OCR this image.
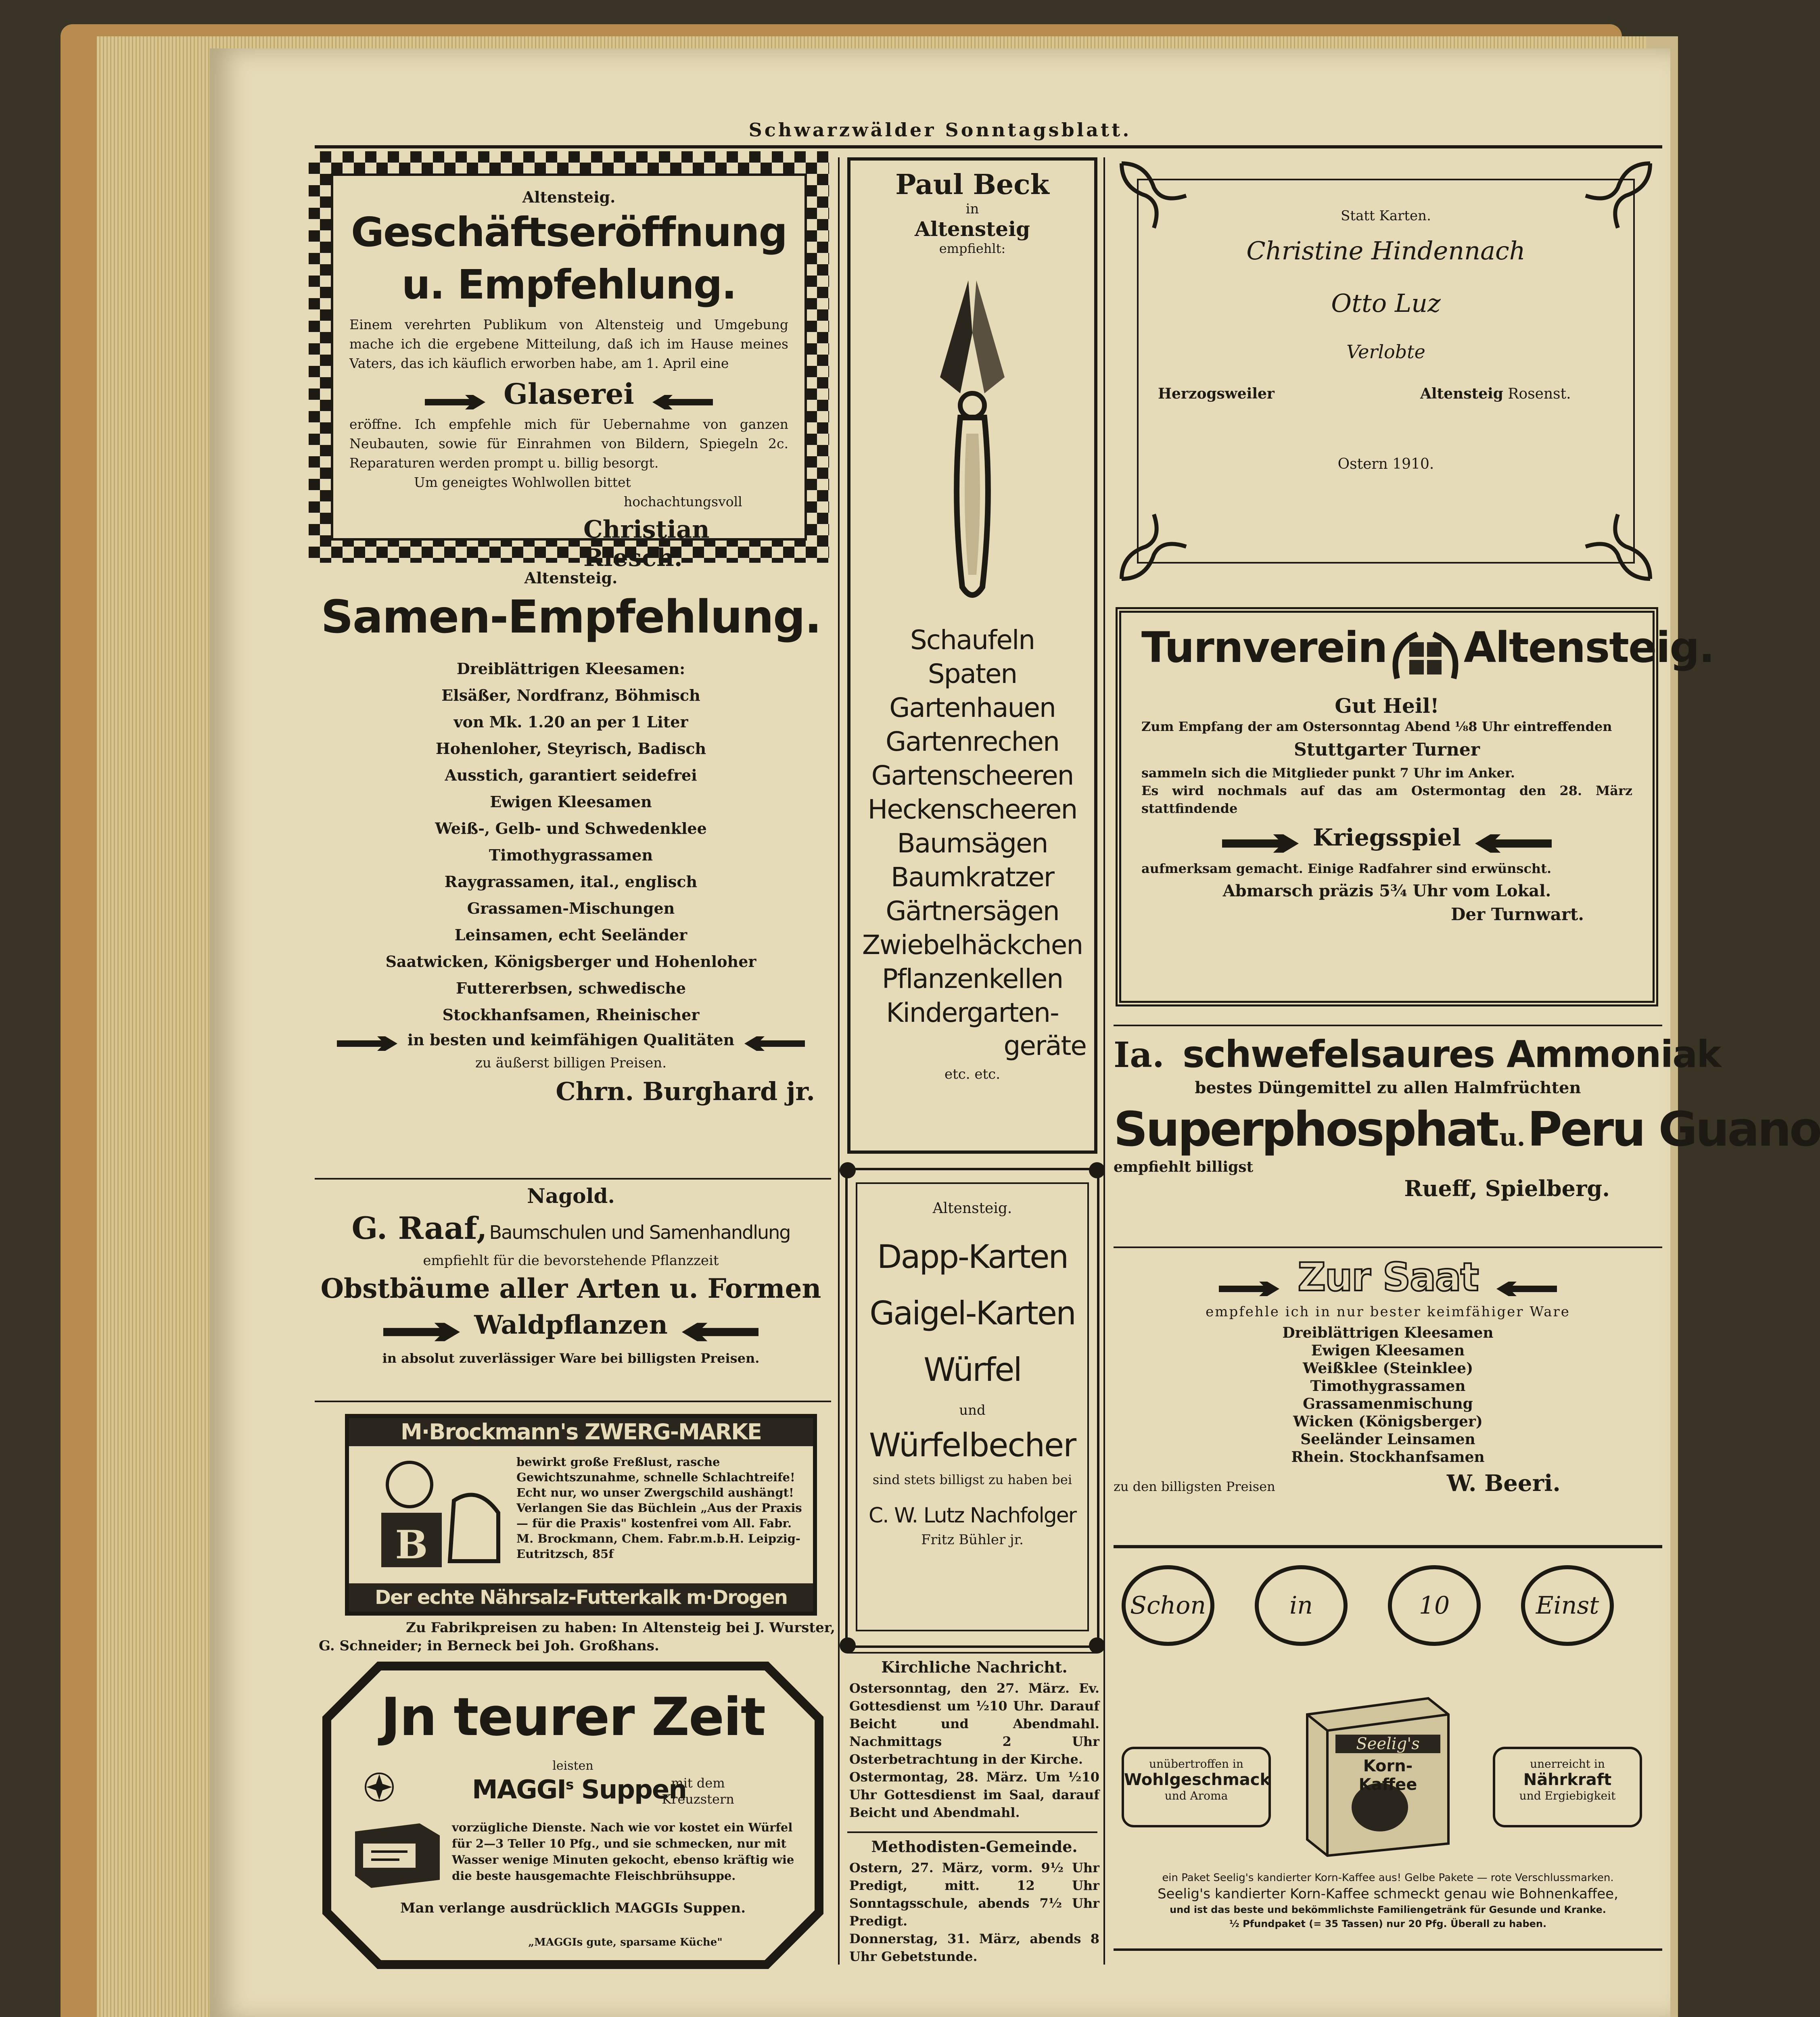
Schwarzwälder Sonntagsblatt.
Altensteig.
Geschäftseröffnung u. Empfehlung.
Einem verehrten Publikum von Altensteig und Umgebung mache ich die ergebene Mitteilung, daß ich im Hause meines Vaters, das ich käuflich erworben habe, am 1. April eine
Glaserei
eröffne. Ich empfehle mich für Uebernahme von ganzen Neubauten, sowie für Einrahmen von Bildern, Spiegeln 2c. Reparaturen werden prompt u. billig besorgt.
Um geneigtes Wohlwollen bittet
hochachtungsvoll
Christian Riesch.
Altensteig.
Samen-Empfehlung.
Dreiblättrigen Kleesamen:
Elsäßer, Nordfranz, Böhmisch
von Mk. 1.20 an per 1 Liter
Hohenloher, Steyrisch, Badisch
Ausstich, garantiert seidefrei
Ewigen Kleesamen
Weiß-, Gelb- und Schwedenklee
Timothygrassamen
Raygrassamen, ital., englisch
Grassamen-Mischungen
Leinsamen, echt Seeländer
Saatwicken, Königsberger und Hohenloher
Futtererbsen, schwedische
Stockhanfsamen, Rheinischer
in besten und keimfähigen Qualitäten
zu äußerst billigen Preisen.
Chrn. Burghard jr.
Nagold.
G. Raaf, Baumschulen und Samenhandlung
empfiehlt für die bevorstehende Pflanzzeit
Obstbäume aller Arten u. Formen
Waldpflanzen
in absolut zuverlässiger Ware bei billigsten Preisen.
M·Brockmann's ZWERG-MARKE
B
bewirkt große Freßlust, rasche Gewichtszunahme, schnelle Schlachtreife! Echt nur, wo unser Zwergschild aushängt! Verlangen Sie das Büchlein „Aus der Praxis — für die Praxis" kostenfrei vom All. Fabr. M. Brockmann, Chem. Fabr.m.b.H. Leipzig-Eutritzsch, 85f
Der echte Nährsalz-Futterkalk m·Drogen
Zu Fabrikpreisen zu haben: In Altensteig bei J. Wurster,
G. Schneider; in Berneck bei Joh. Großhans.
Jn teurer Zeit
leisten
MAGGI$^s$ Suppen
mit dem Kreuzstern
vorzügliche Dienste. Nach wie vor kostet ein Würfel für 2—3 Teller 10 Pfg., und sie schmecken, nur mit Wasser wenige Minuten gekocht, ebenso kräftig wie die beste hausgemachte Fleischbrühsuppe.
Man verlange ausdrücklich MAGGIs Suppen.
„MAGGIs gute, sparsame Küche"
Paul Beck
in
Altensteig
empfiehlt:
Schaufeln
Spaten
Gartenhauen
Gartenrechen
Gartenscheeren
Heckenscheeren
Baumsägen
Baumkratzer
Gärtnersägen
Zwiebelhäckchen
Pflanzenkellen
Kindergarten-
geräte
etc. etc.
Altensteig.
Dapp-Karten
Gaigel-Karten
Würfel
und
Würfelbecher
sind stets billigst zu haben bei
C. W. Lutz Nachfolger
Fritz Bühler jr.
Kirchliche Nachricht.
Ostersonntag, den 27. März. Ev. Gottesdienst um ½10 Uhr. Darauf Beicht und Abendmahl. Nachmittags 2 Uhr Osterbetrachtung in der Kirche.
Ostermontag, 28. März. Um ½10 Uhr Gottesdienst im Saal, darauf Beicht und Abendmahl.
Methodisten-Gemeinde.
Ostern, 27. März, vorm. 9½ Uhr Predigt, mitt. 12 Uhr Sonntagsschule, abends 7½ Uhr Predigt.
Donnerstag, 31. März, abends 8 Uhr Gebetstunde.
Statt Karten.
Christine Hindennach
Otto Luz
Verlobte
Herzogsweiler	Altensteig Rosenst.
Ostern 1910.
Turnverein Altensteig.
Gut Heil!
Zum Empfang der am Ostersonntag Abend ⅛8 Uhr eintreffenden
Stuttgarter Turner
sammeln sich die Mitglieder punkt 7 Uhr im Anker.
Es wird nochmals auf das am Ostermontag den 28. März stattfindende
Kriegsspiel
aufmerksam gemacht. Einige Radfahrer sind erwünscht.
Abmarsch präzis 5¾ Uhr vom Lokal.
Der Turnwart.
Ia. schwefelsaures Ammoniak
bestes Düngemittel zu allen Halmfrüchten
Superphosphat u. Peru Guano
empfiehlt billigst
Rueff, Spielberg.
Zur Saat
empfehle ich in nur bester keimfähiger Ware
Dreiblättrigen Kleesamen
Ewigen Kleesamen
Weißklee (Steinklee)
Timothygrassamen
Grassamenmischung
Wicken (Königsberger)
Seeländer Leinsamen
Rhein. Stockhanfsamen
zu den billigsten Preisen	W. Beeri.
Schon	in	10	Einst
unübertroffen in
Wohlgeschmack
und Aroma
Seelig's
Korn-Kaffee
unerreicht in
Nährkraft
und Ergiebigkeit
ein Paket Seelig's kandierter Korn-Kaffee aus! Gelbe Pakete — rote Verschlussmarken.
Seelig's kandierter Korn-Kaffee schmeckt genau wie Bohnenkaffee,
und ist das beste und bekömmlichste Familiengetränk für Gesunde und Kranke.
½ Pfundpaket (= 35 Tassen) nur 20 Pfg. Überall zu haben.
